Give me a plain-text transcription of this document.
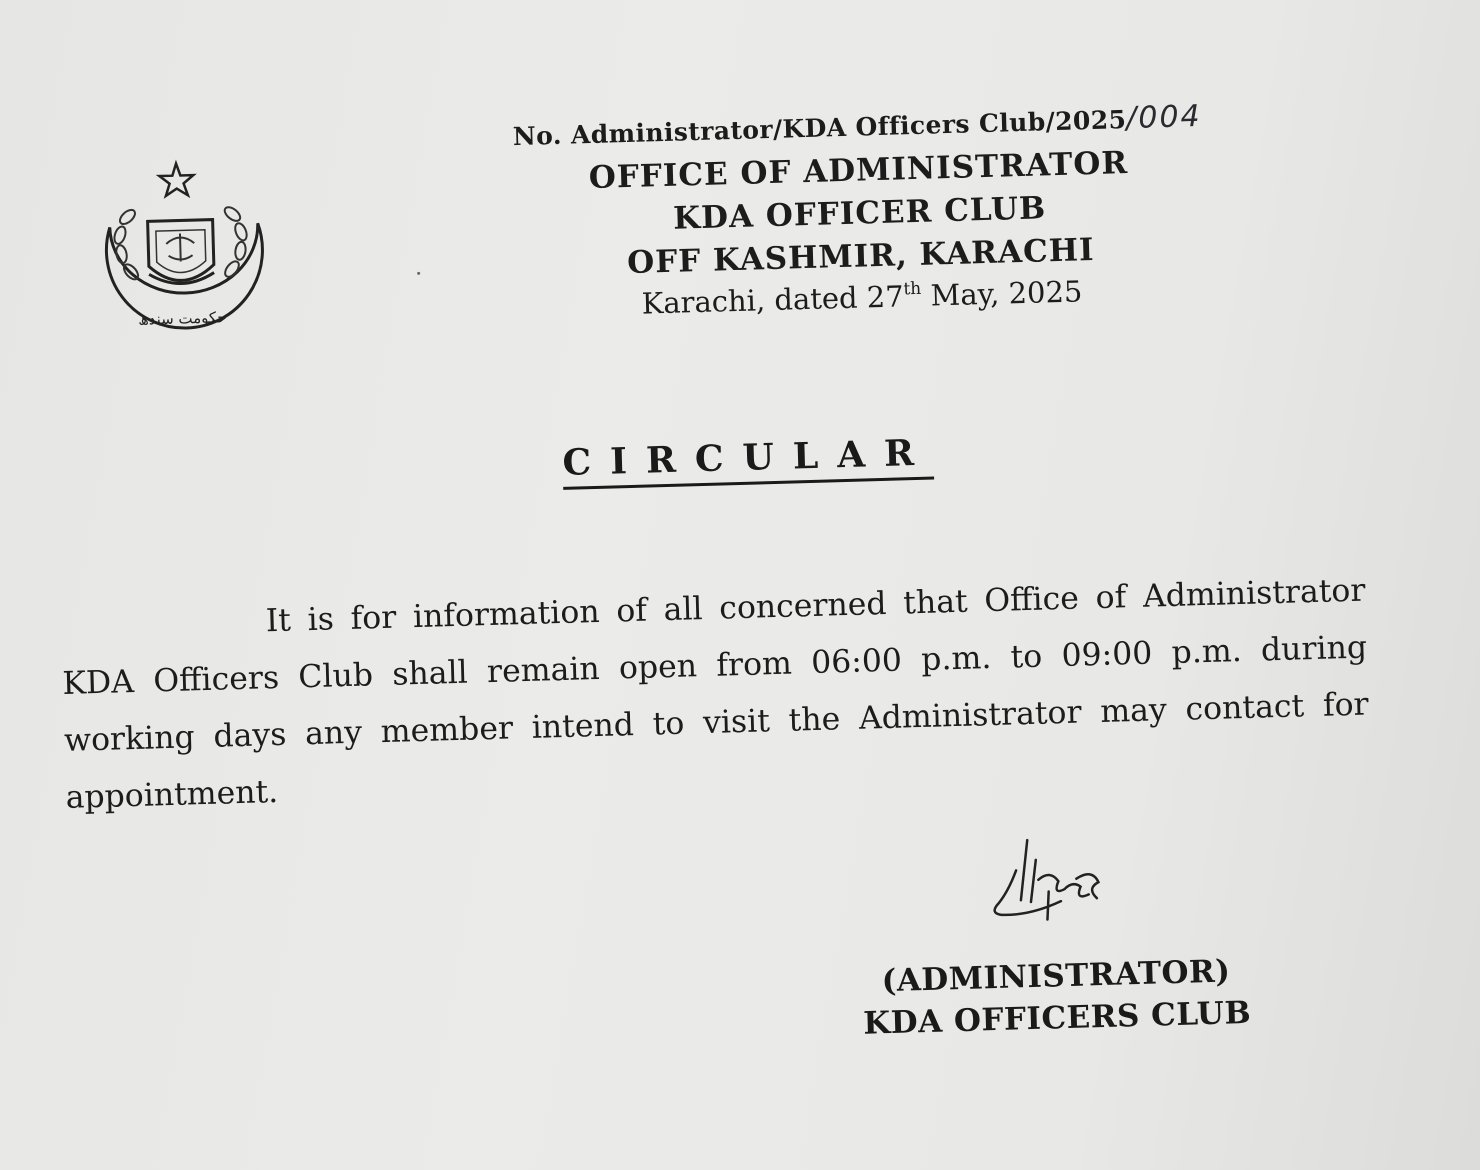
حکومت سندھ
No. Administrator/KDA Officers Club/2025/004
OFFICE OF ADMINISTRATOR
KDA OFFICER CLUB
OFF KASHMIR, KARACHI
Karachi, dated 27th May, 2025
CIRCULAR

It is for information of all concerned that Office of Administrator KDA Officers Club shall remain open from 06:00 p.m. to 09:00 p.m. during working days any member intend to visit the Administrator may contact for appointment.

(ADMINISTRATOR)
KDA OFFICERS CLUB
